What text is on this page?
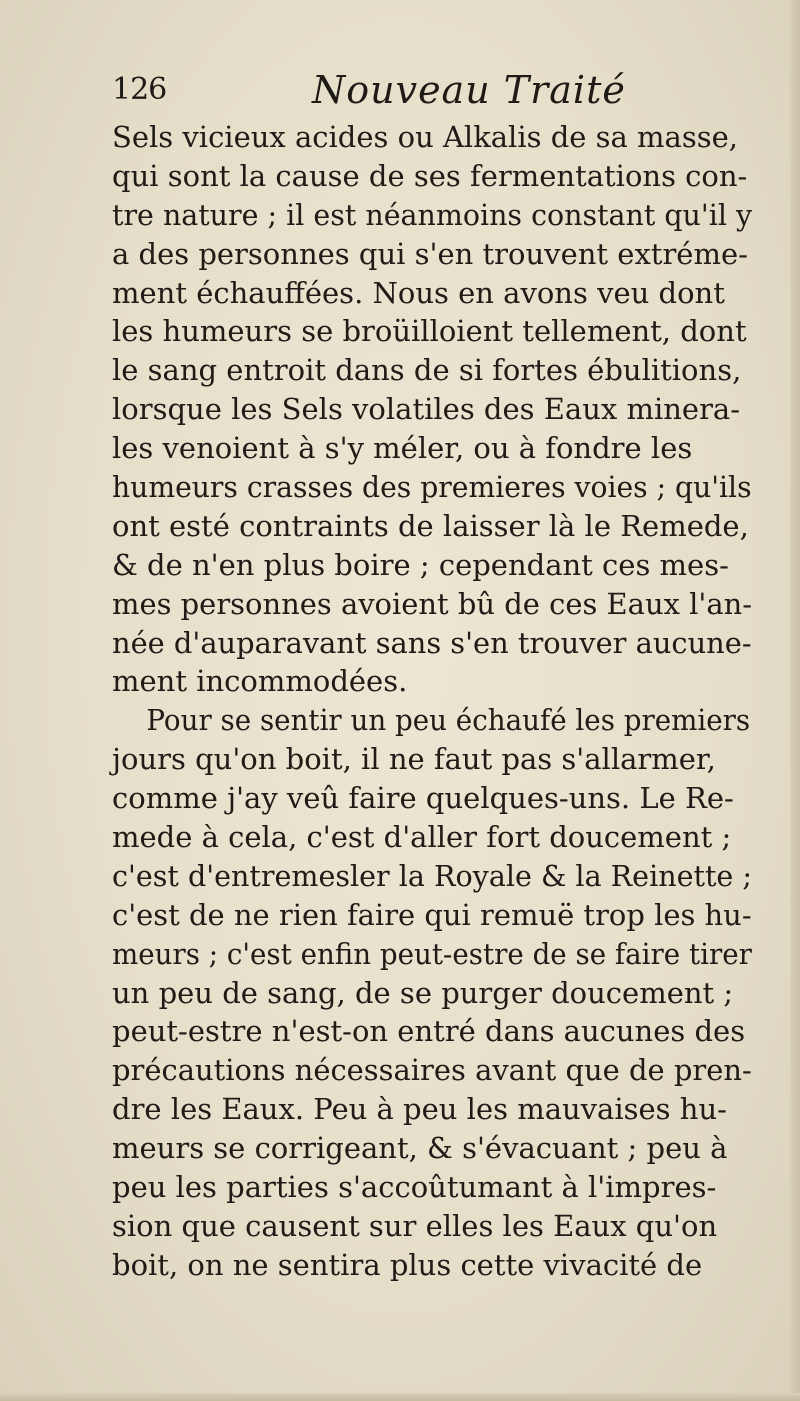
126	Nouveau Traité
Sels vicieux acides ou Alkalis de sa masse,
qui sont la cause de ses fermentations con-
tre nature ; il est néanmoins constant qu'il y
a des personnes qui s'en trouvent extréme-
ment échauffées. Nous en avons veu dont
les humeurs se broüilloient tellement, dont
le sang entroit dans de si fortes ébulitions,
lorsque les Sels volatiles des Eaux minera-
les venoient à s'y méler, ou à fondre les
humeurs crasses des premieres voies ; qu'ils
ont esté contraints de laisser là le Remede,
& de n'en plus boire ; cependant ces mes-
mes personnes avoient bû de ces Eaux l'an-
née d'auparavant sans s'en trouver aucune-
ment incommodées.
Pour se sentir un peu échaufé les premiers
jours qu'on boit, il ne faut pas s'allarmer,
comme j'ay veû faire quelques-uns. Le Re-
mede à cela, c'est d'aller fort doucement ;
c'est d'entremesler la Royale & la Reinette ;
c'est de ne rien faire qui remuë trop les hu-
meurs ; c'est enfin peut-estre de se faire tirer
un peu de sang, de se purger doucement ;
peut-estre n'est-on entré dans aucunes des
précautions nécessaires avant que de pren-
dre les Eaux. Peu à peu les mauvaises hu-
meurs se corrigeant, & s'évacuant ; peu à
peu les parties s'accoûtumant à l'impres-
sion que causent sur elles les Eaux qu'on
boit, on ne sentira plus cette vivacité de
